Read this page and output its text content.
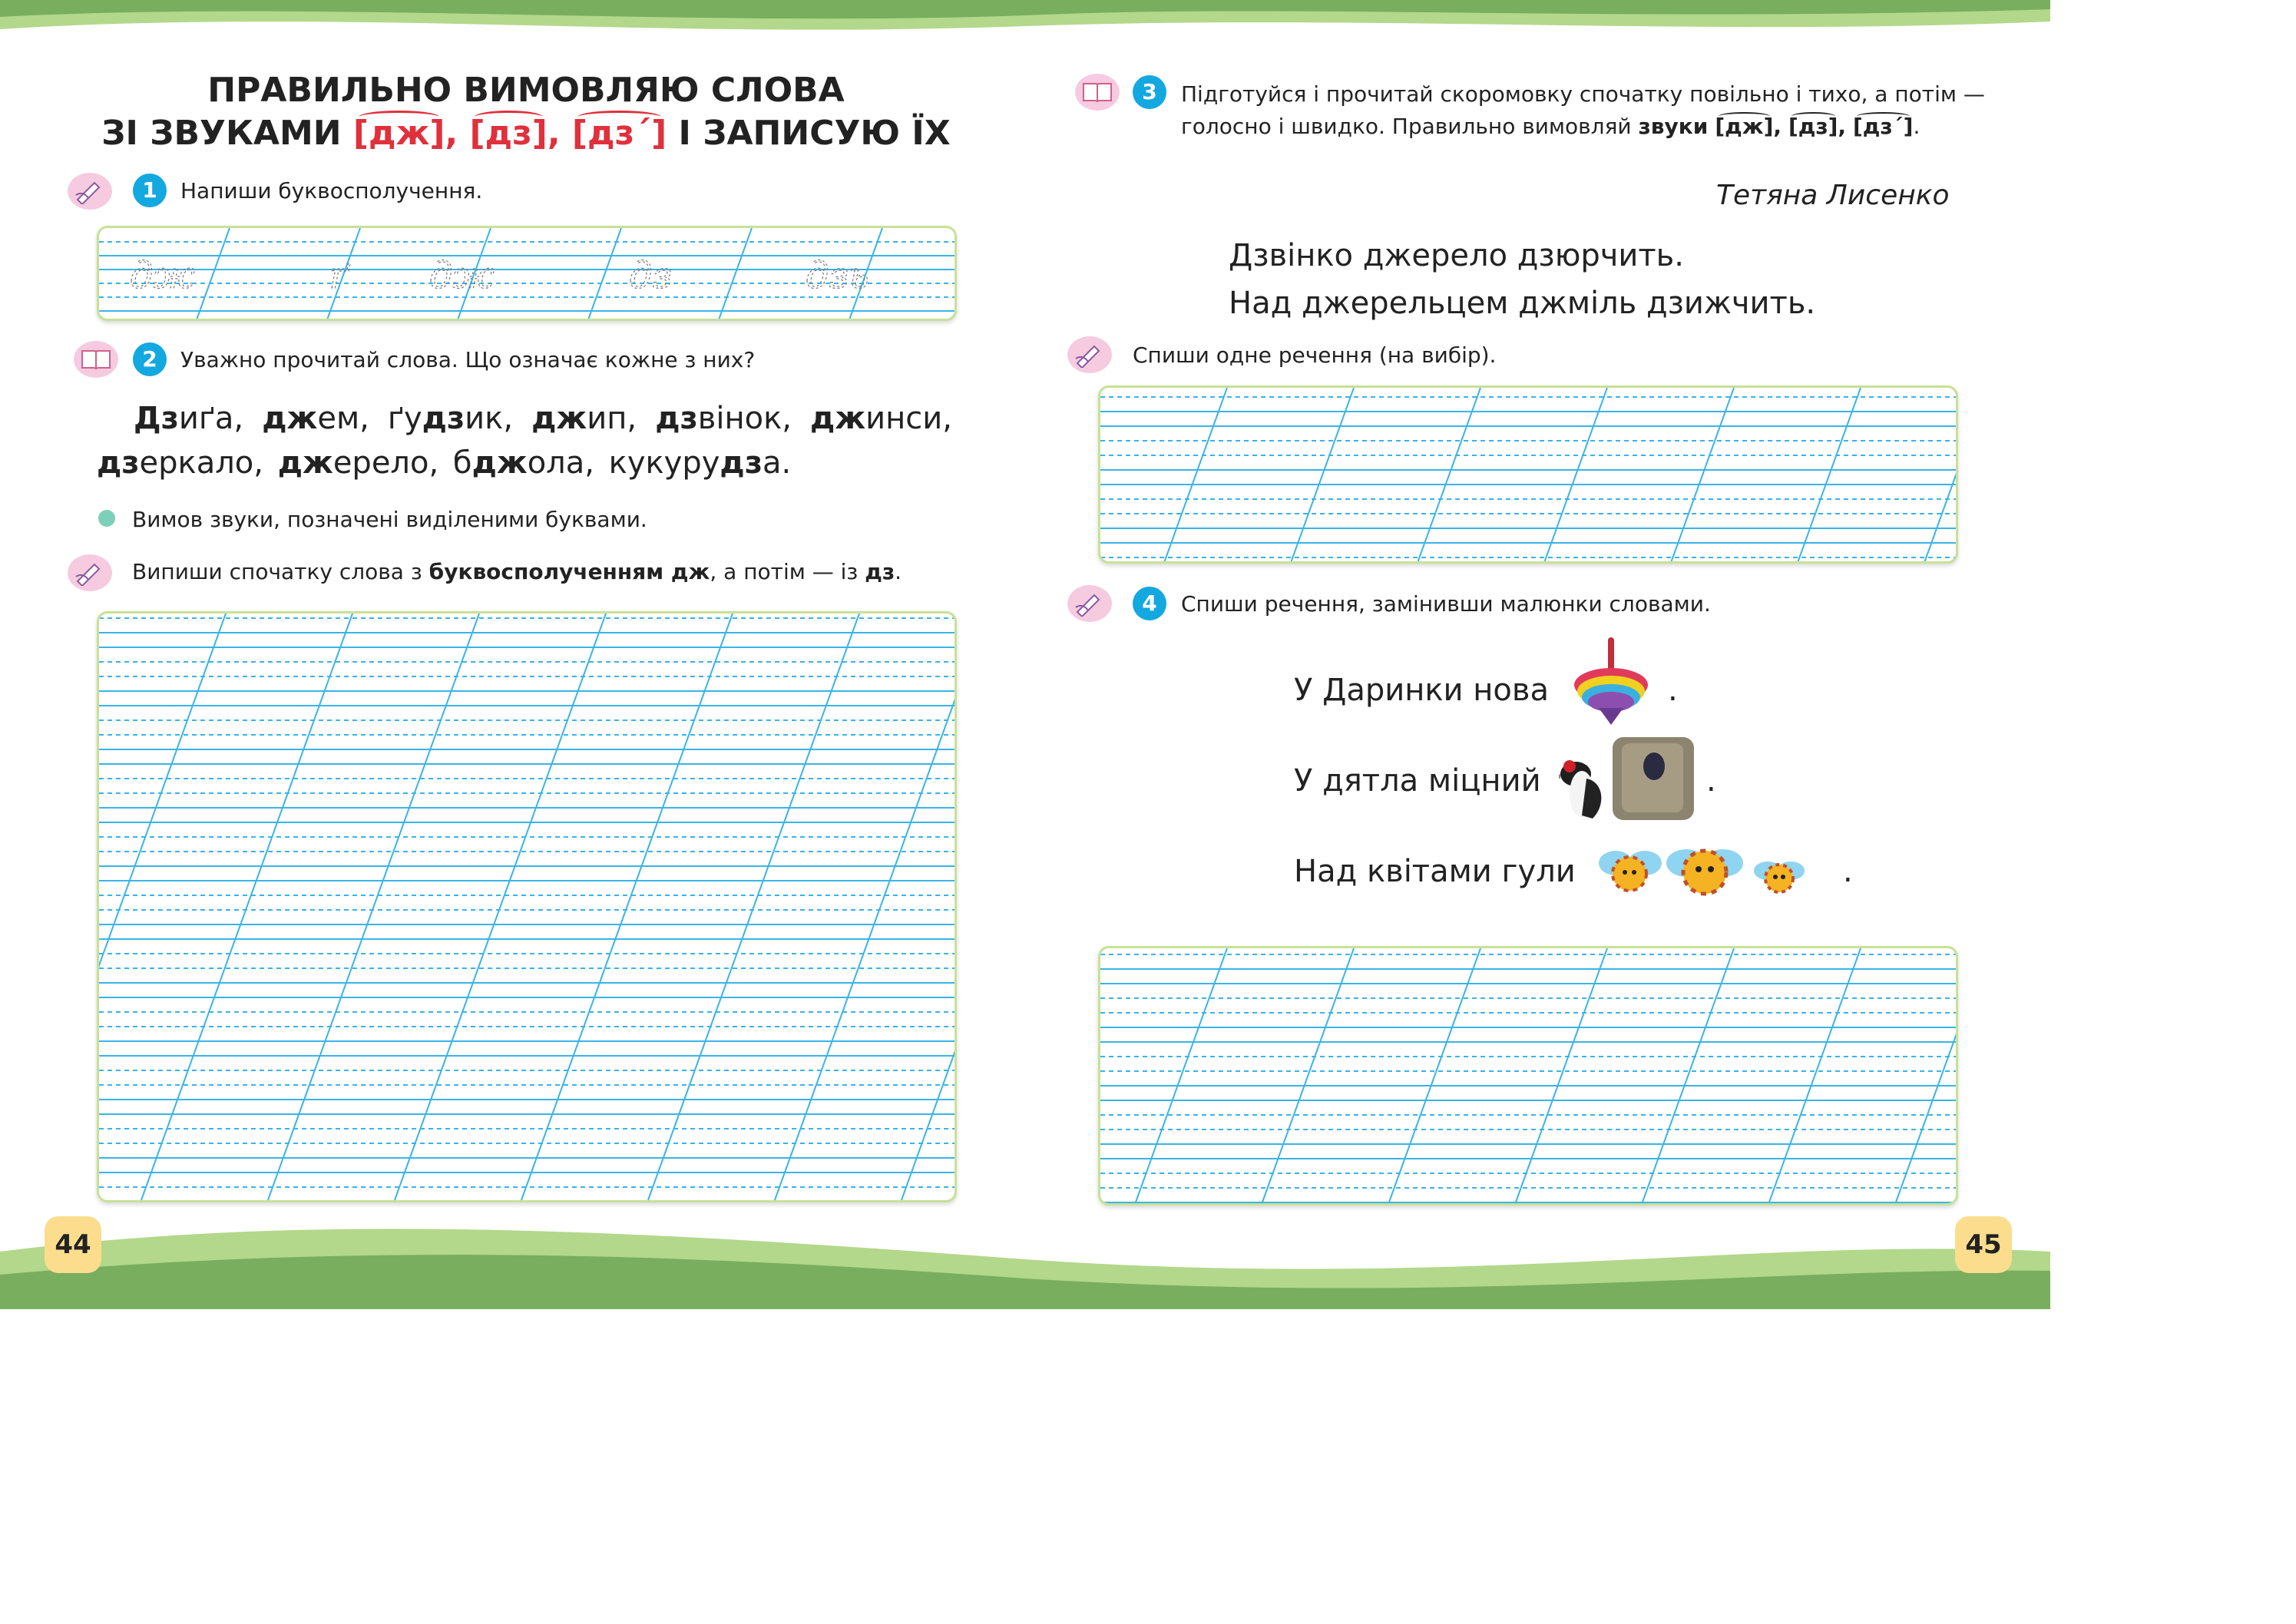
ПРАВИЛЬНО ВИМОВЛЯЮ СЛОВА
ЗІ ЗВУКАМИ [дж], [дз], [дз´] І ЗАПИСУЮ ЇХ
1	Напиши буквосполучення.
дж	ґ дж	дз	дзь
2	Уважно прочитай слова. Що означає кожне з них?
Дзиґа, джем, ґудзик, джип, дзвінок, джинси, дзеркало, джерело, бджола, кукурудза.
Вимов звуки, позначені виділеними буквами.
Випиши спочатку слова з буквосполученням дж, а потім — із дз.
44
3	Підготуйся і прочитай скоромовку спочатку повільно і тихо, а потім —
голосно і швидко. Правильно вимовляй звуки [дж], [дз], [дз´].
Тетяна Лисенко
Дзвінко джерело дзюрчить.
Над джерельцем джміль дзижчить.
Спиши одне речення (на вибір).
4	Спиши речення, замінивши малюнки словами.
У Даринки нова	.
У дятла міцний	.
Над квітами гули	.
45
